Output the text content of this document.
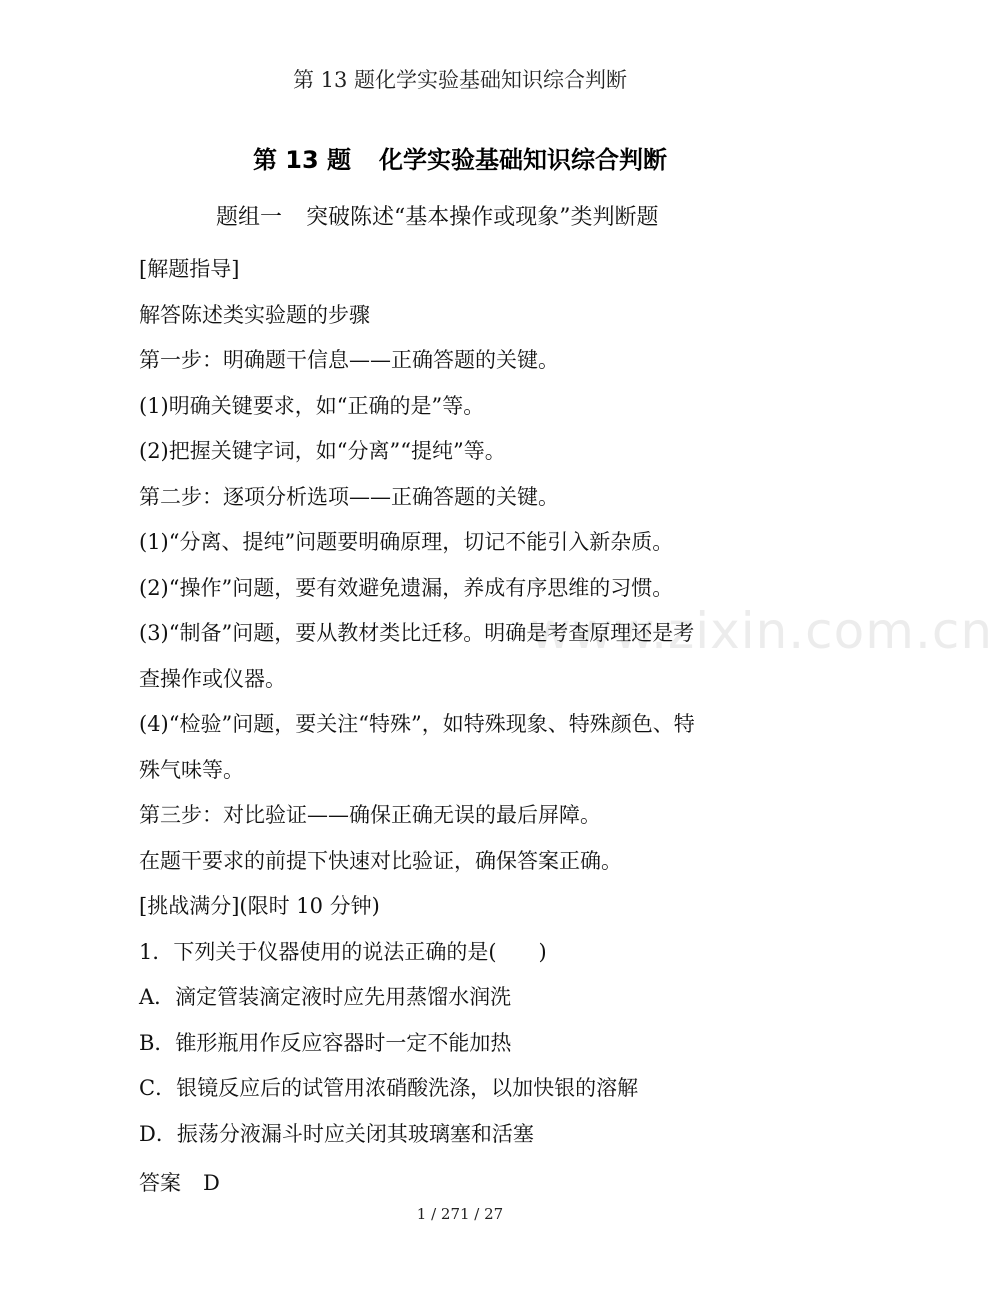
第 13 题化学实验基础知识综合判断
第 13 题 化学实验基础知识综合判断
题组一 突破陈述“基本操作或现象”类判断题
www.zixin.com.cn
[解题指导]
解答陈述类实验题的步骤
第一步：明确题干信息——正确答题的关键。
(1)明确关键要求，如“正确的是”等。
(2)把握关键字词，如“分离”“提纯”等。
第二步：逐项分析选项——正确答题的关键。
(1)“分离、提纯”问题要明确原理，切记不能引入新杂质。
(2)“操作”问题，要有效避免遗漏，养成有序思维的习惯。
(3)“制备”问题，要从教材类比迁移。明确是考查原理还是考
查操作或仪器。
(4)“检验”问题，要关注“特殊”，如特殊现象、特殊颜色、特
殊气味等。
第三步：对比验证——确保正确无误的最后屏障。
在题干要求的前提下快速对比验证，确保答案正确。
[挑战满分](限时 10 分钟)
1．下列关于仪器使用的说法正确的是(　　)
A．滴定管装滴定液时应先用蒸馏水润洗
B．锥形瓶用作反应容器时一定不能加热
C．银镜反应后的试管用浓硝酸洗涤，以加快银的溶解
D．振荡分液漏斗时应关闭其玻璃塞和活塞
答案 D
1 / 271 / 27
